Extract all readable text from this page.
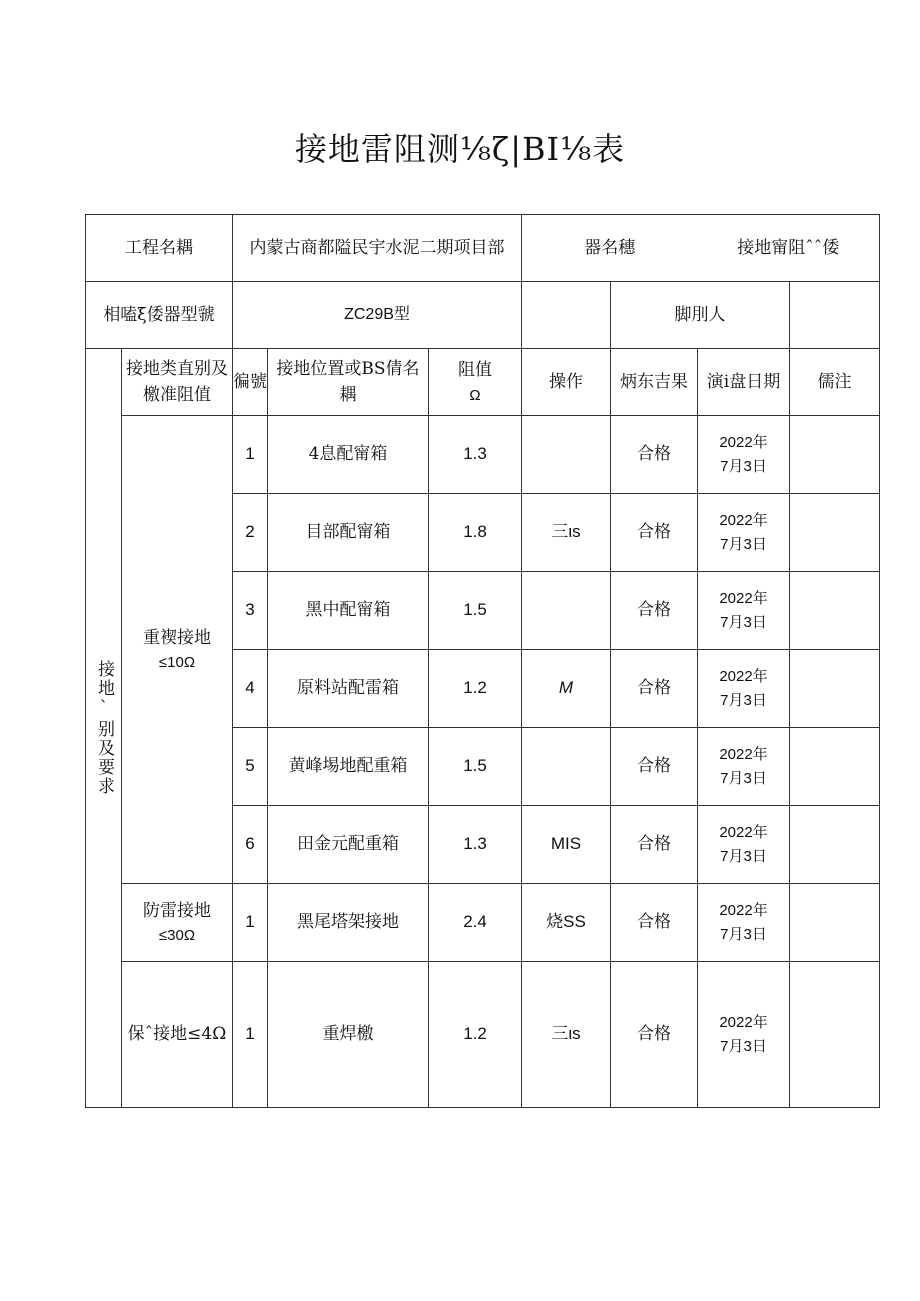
接地雷阻测⅛ζ|BI⅛表
工程名耦		内蒙古商都隘民宇水泥二期项目部			器名穗		接地甯阻ˆˆ倭	
相嗑ξ倭器型虢		ZC29B型				脚刖人		

接地ˋ别及要求	接地类直别及檄准阻值	徧號	接地位置或BS倩名耦	阻值
Ω	操作	炳东吉果	演ⅰ盘日期	儒注

	重褉接地
≤10Ω	1	4息配甯箱	1.3		合格	2022年
7月3日	

		2	目部配甯箱	1.8	三ιs	合格	2022年
7月3日	

		3	黑中配甯箱	1.5		合格	2022年
7月3日	

		4	原料站配雷箱	1.2	M	合格	2022年
7月3日	

		5	黄峰埸地配重箱	1.5		合格	2022年
7月3日	

		6	田金元配重箱	1.3	MIS	合格	2022年
7月3日	

	防雷接地
≤30Ω	1	黑尾塔架接地	2.4	烧SS	合格	2022年
7月3日	

	保ˆ接地≤4Ω	1	重焊檄	1.2	三ιs	合格	2022年
7月3日	
